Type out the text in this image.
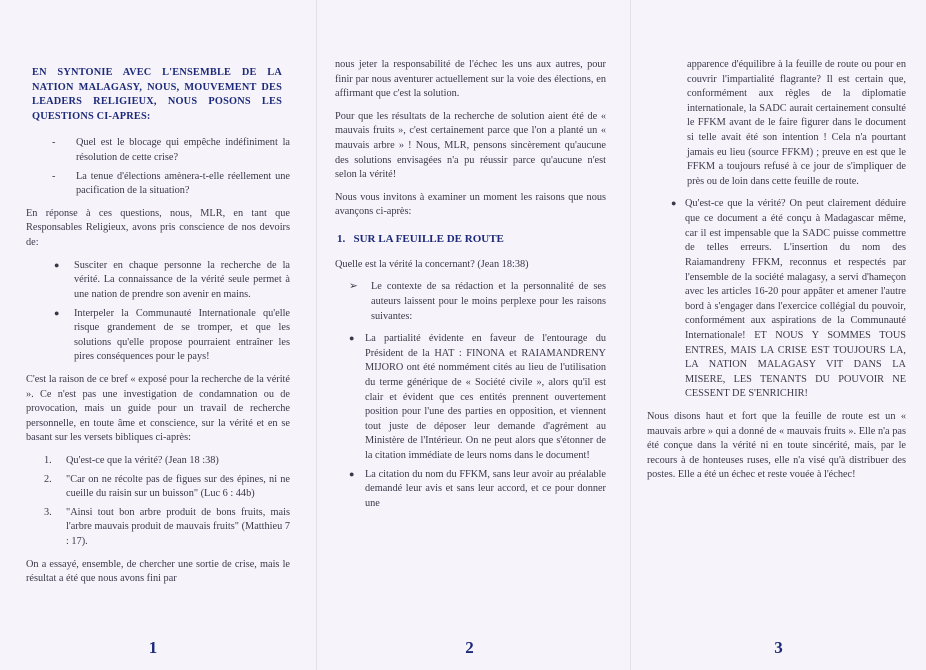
EN SYNTONIE AVEC L'ENSEMBLE DE LA NATION MALAGASY, NOUS, MOUVEMENT DES LEADERS RELIGIEUX, NOUS POSONS LES QUESTIONS CI-APRES:
-	Quel est le blocage qui empêche indéfiniment la résolution de cette crise?
-	La tenue d'élections amènera-t-elle réellement une pacification de la situation?

En réponse à ces questions, nous, MLR, en tant que Responsables Religieux, avons pris conscience de nos devoirs de:

●	Susciter en chaque personne la recherche de la vérité. La connaissance de la vérité seule permet à une nation de prendre son avenir en mains.
●	Interpeler la Communauté Internationale qu'elle risque grandement de se tromper, et que les solutions qu'elle propose pourraient entraîner les pires conséquences pour le pays!

C'est la raison de ce bref « exposé pour la recherche de la vérité ». Ce n'est pas une investigation de condamnation ou de provocation, mais un guide pour un travail de recherche personnelle, en toute âme et conscience, sur la vérité et en se basant sur les versets bibliques ci-après:

1.	Qu'est-ce que la vérité? (Jean 18 :38)
2.	"Car on ne récolte pas de figues sur des épines, ni ne cueille du raisin sur un buisson" (Luc 6 : 44b)
3.	"Ainsi tout bon arbre produit de bons fruits, mais l'arbre mauvais produit de mauvais fruits" (Matthieu 7 : 17).

On a essayé, ensemble, de chercher une sortie de crise, mais le résultat a été que nous avons fini par

1

nous jeter la responsabilité de l'échec les uns aux autres, pour finir par nous aventurer actuellement sur la voie des élections, en affirmant que c'est la solution.

Pour que les résultats de la recherche de solution aient été de « mauvais fruits », c'est certainement parce que l'on a planté un « mauvais arbre » ! Nous, MLR, pensons sincèrement qu'aucune des solutions envisagées n'a pu réussir parce qu'aucune n'est selon la vérité!

Nous vous invitons à examiner un moment les raisons que nous avançons ci-après:

1. SUR LA FEUILLE DE ROUTE

Quelle est la vérité la concernant? (Jean 18:38)

➢	Le contexte de sa rédaction et la personnalité de ses auteurs laissent pour le moins perplexe pour les raisons suivantes:
●	La partialité évidente en faveur de l'entourage du Président de la HAT : FINONA et RAIAMANDRENY MIJORO ont été nommément cités au lieu de l'utilisation du terme générique de « Société civile », alors qu'il est clair et évident que ces entités prennent ouvertement position pour l'une des parties en opposition, et viennent tout juste de déposer leur demande d'agrément au Ministère de l'Intérieur. On ne peut alors que s'étonner de la citation immédiate de leurs noms dans le document!
●	La citation du nom du FFKM, sans leur avoir au préalable demandé leur avis et sans leur accord, et ce pour donner une
2

apparence d'équilibre à la feuille de route ou pour en couvrir l'impartialité flagrante? Il est certain que, conformément aux règles de la diplomatie internationale, la SADC aurait certainement consulté le FFKM avant de le faire figurer dans le document si telle avait été son intention ! Cela n'a pourtant jamais eu lieu (source FFKM) ; preuve en est que le FFKM a toujours refusé à ce jour de s'impliquer de près ou de loin dans cette feuille de route.

● Qu'est-ce que la vérité? On peut clairement déduire que ce document a été conçu à Madagascar même, car il est impensable que la SADC puisse commettre de telles erreurs. L'insertion du nom des Raiamandreny FFKM, reconnus et respectés par l'ensemble de la société malagasy, a servi d'hameçon avec les articles 16-20 pour appâter et amener l'autre bord à s'engager dans l'exercice collégial du pouvoir, conformément aux aspirations de la Communauté Internationale! ET NOUS Y SOMMES TOUS ENTRES, MAIS LA CRISE EST TOUJOURS LA, LA NATION MALAGASY VIT DANS LA MISERE, LES TENANTS DU POUVOIR NE CESSENT DE S'ENRICHIR!

Nous disons haut et fort que la feuille de route est un « mauvais arbre » qui a donné de « mauvais fruits ». Elle n'a pas été conçue dans la vérité ni en toute sincérité, mais, par le recours à de honteuses ruses, elle n'a visé qu'à distribuer des postes. Elle a été un échec et reste vouée à l'échec!

3
